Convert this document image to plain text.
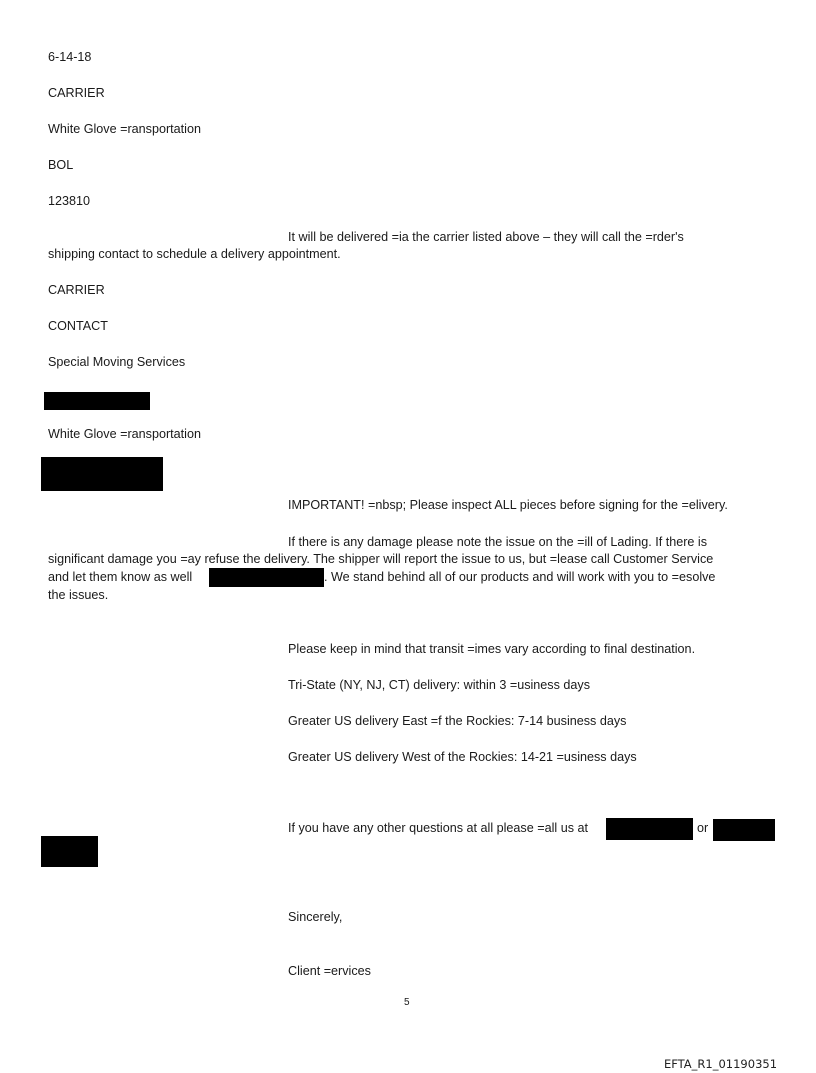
6-14-18
CARRIER
White Glove =ransportation
BOL
123810
It will be delivered =ia the carrier listed above – they will call the =rder's
shipping contact to schedule a delivery appointment.
CARRIER
CONTACT
Special Moving Services
White Glove =ransportation
IMPORTANT! =nbsp; Please inspect ALL pieces before signing for the =elivery.
If there is any damage please note the issue on the =ill of Lading. If there is
significant damage you =ay refuse the delivery. The shipper will report the issue to us, but =lease call Customer Service
and let them know as well	. We stand behind all of our products and will work with you to =esolve
the issues.
Please keep in mind that transit =imes vary according to final destination.
Tri-State (NY, NJ, CT) delivery: within 3 =usiness days
Greater US delivery East =f the Rockies: 7-14 business days
Greater US delivery West of the Rockies: 14-21 =usiness days
If you have any other questions at all please =all us at	or
Sincerely,
Client =ervices
5
EFTA_R1_01190351
